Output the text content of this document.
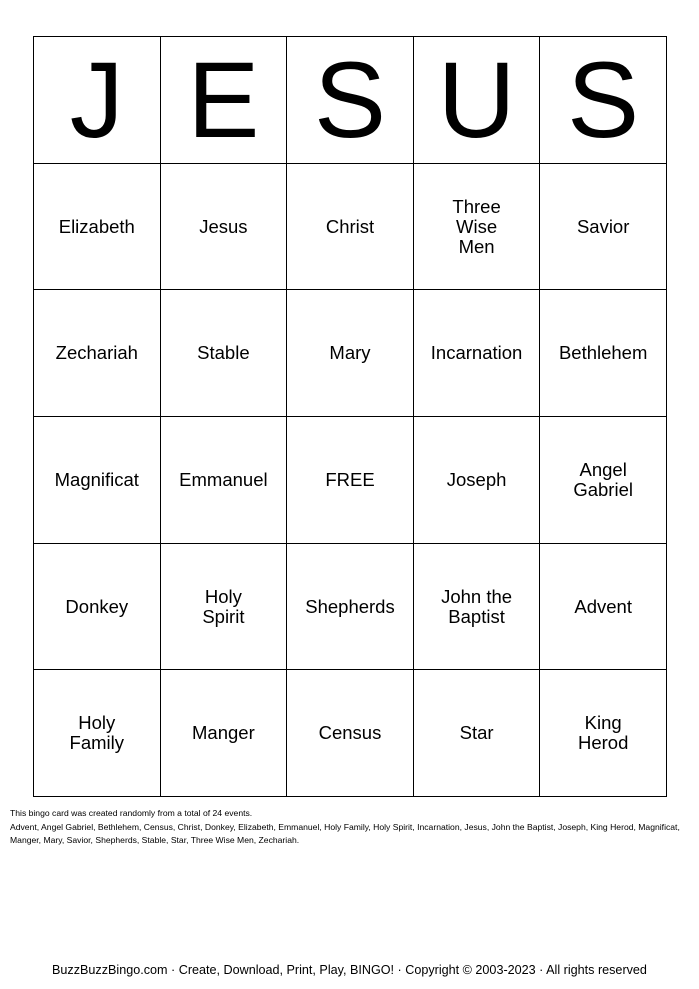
J	E	S	U	S
Elizabeth	Jesus	Christ	Three
Wise
Men	Savior
Zechariah	Stable	Mary	Incarnation	Bethlehem
Magnificat	Emmanuel	FREE	Joseph	Angel
Gabriel
Donkey	Holy
Spirit	Shepherds	John the
Baptist	Advent
Holy
Family	Manger	Census	Star	King
Herod
This bingo card was created randomly from a total of 24 events.
Advent, Angel Gabriel, Bethlehem, Census, Christ, Donkey, Elizabeth, Emmanuel, Holy Family, Holy Spirit, Incarnation, Jesus, John the Baptist, Joseph, King Herod, Magnificat, Manger, Mary, Savior, Shepherds, Stable, Star, Three Wise Men, Zechariah.
BuzzBuzzBingo.com · Create, Download, Print, Play, BINGO! · Copyright © 2003-2023 · All rights reserved
